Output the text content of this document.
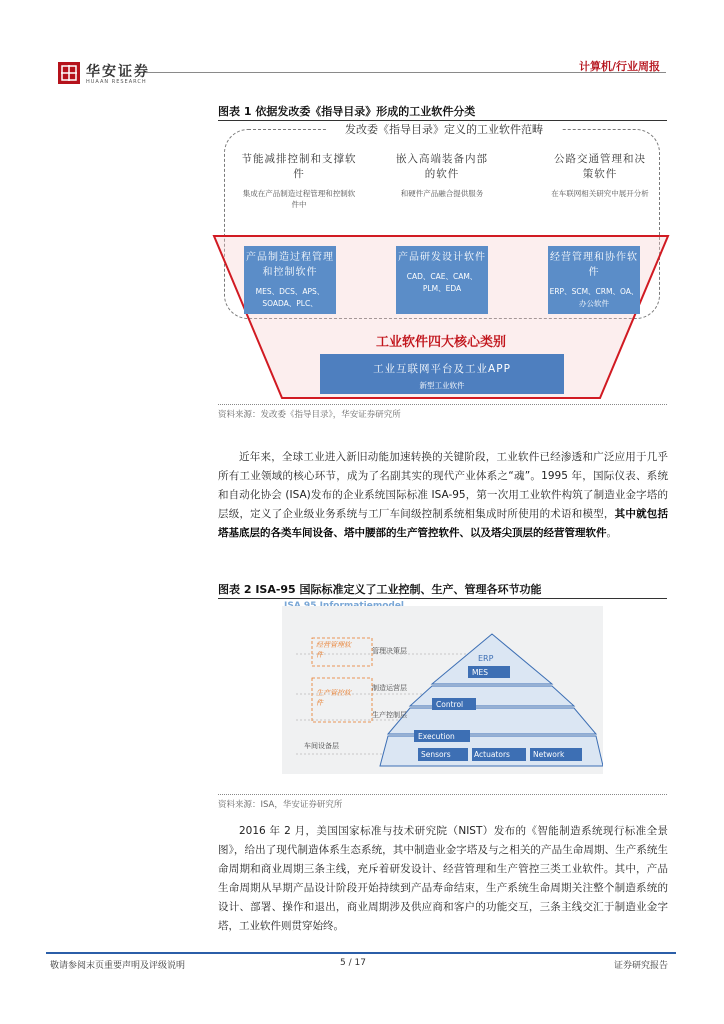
华安证券
HUAAN RESEARCH
计算机/行业周报
图表 1 依据发改委《指导目录》形成的工业软件分类
发改委《指导目录》定义的工业软件范畴
节能减排控制和支撑软件
集成在产品制造过程管理和控制软件中
嵌入高端装备内部的软件
和硬件产品融合提供服务
公路交通管理和决策软件
在车联网相关研究中展开分析
产品制造过程管理和控制软件
MES、DCS、APS、SOADA、PLC、
产品研发设计软件
CAD、CAE、CAM、PLM、EDA
经营管理和协作软件
ERP、SCM、CRM、OA、办公软件
工业软件四大核心类别
工业互联网平台及工业APP
新型工业软件
资料来源：发改委《指导目录》，华安证券研究所
近年来，全球工业进入新旧动能加速转换的关键阶段，工业软件已经渗透和广泛应用于几乎所有工业领域的核心环节，成为了名副其实的现代产业体系之“魂”。1995 年，国际仪表、系统和自动化协会 (ISA)发布的企业系统国际标准 ISA-95，第一次用工业软件构筑了制造业金字塔的层级，定义了企业级业务系统与工厂车间级控制系统相集成时所使用的术语和模型，其中就包括塔基底层的各类车间设备、塔中腰部的生产管控软件、以及塔尖顶层的经营管理软件。
图表 2 ISA-95 国际标准定义了工业控制、生产、管理各环节功能
经营管理软件
生产管控软件
管理决策层
制造运营层
生产控制层
车间设备层
ERP
MES
Control
Execution
Sensors	Actuators	Network
资料来源：ISA，华安证券研究所
2016 年 2 月，美国国家标准与技术研究院（NIST）发布的《智能制造系统现行标准全景图》，给出了现代制造体系生态系统，其中制造业金字塔及与之相关的产品生命周期、生产系统生命周期和商业周期三条主线，充斥着研发设计、经营管理和生产管控三类工业软件。其中，产品生命周期从早期产品设计阶段开始持续到产品寿命结束，生产系统生命周期关注整个制造系统的设计、部署、操作和退出，商业周期涉及供应商和客户的功能交互，三条主线交汇于制造业金字塔，工业软件则贯穿始终。
敬请参阅末页重要声明及评级说明	5 / 17	证券研究报告
